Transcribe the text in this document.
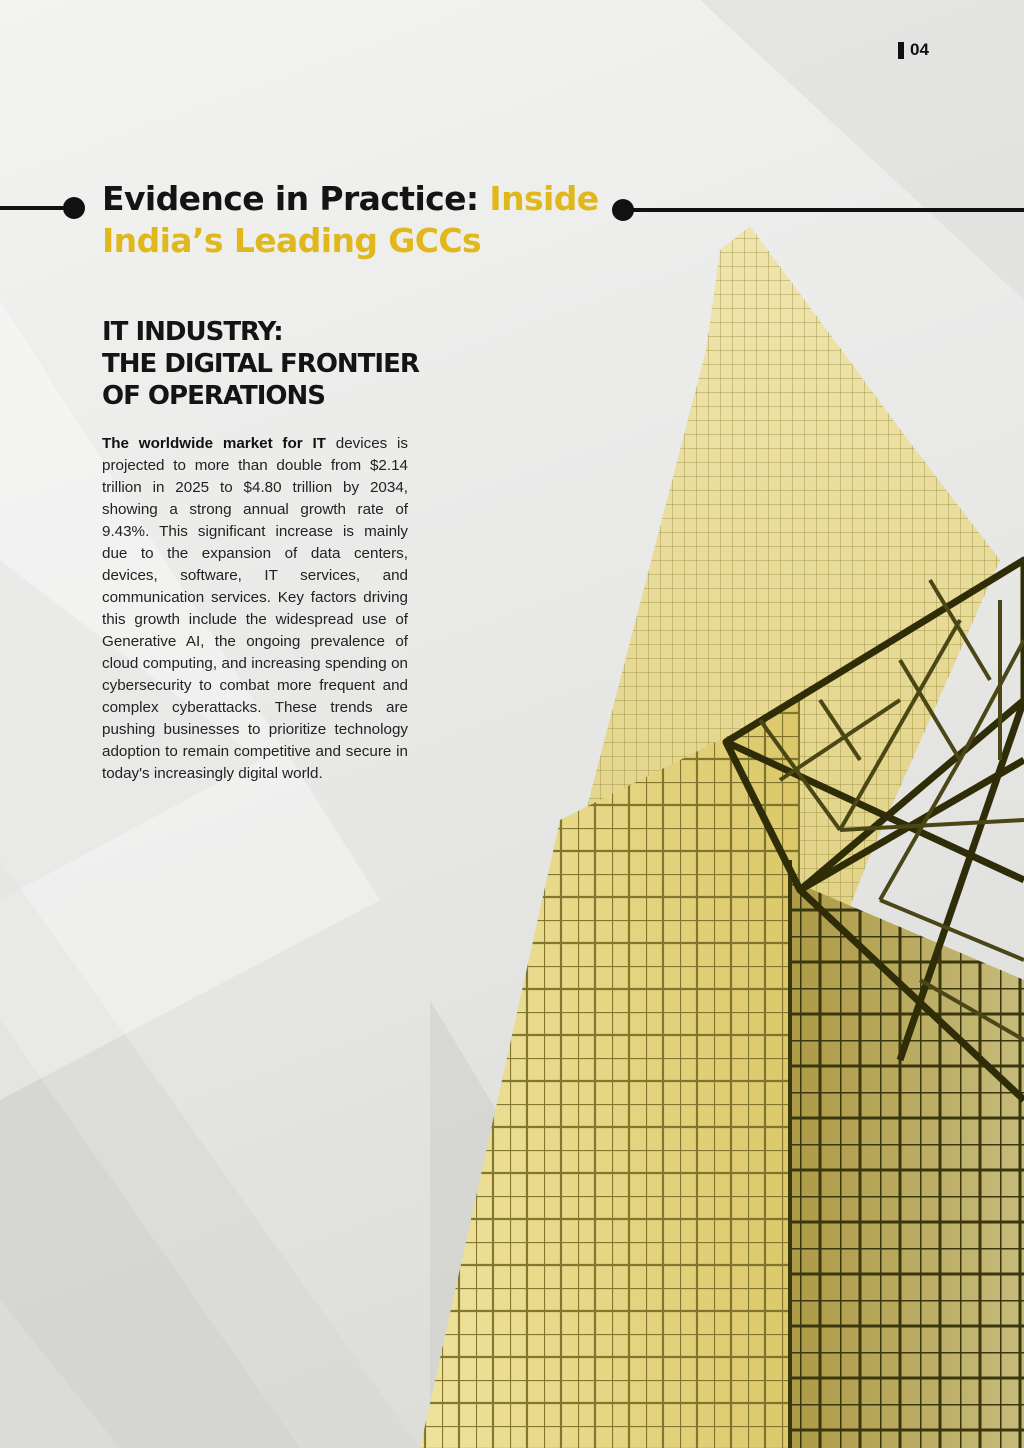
04
Evidence in Practice: Inside India’s Leading GCCs
IT INDUSTRY:
THE DIGITAL FRONTIER
OF OPERATIONS

The worldwide market for IT devices is projected to more than double from $2.14 trillion in 2025 to $4.80 trillion by 2034, showing a strong annual growth rate of 9.43%. This significant increase is mainly due to the expansion of data centers, devices, software, IT services, and communication services. Key factors driving this growth include the widespread use of Generative AI, the ongoing prevalence of cloud computing, and increasing spending on cybersecurity to combat more frequent and complex cyberattacks. These trends are pushing businesses to prioritize technology adoption to remain competitive and secure in today's increasingly digital world.
